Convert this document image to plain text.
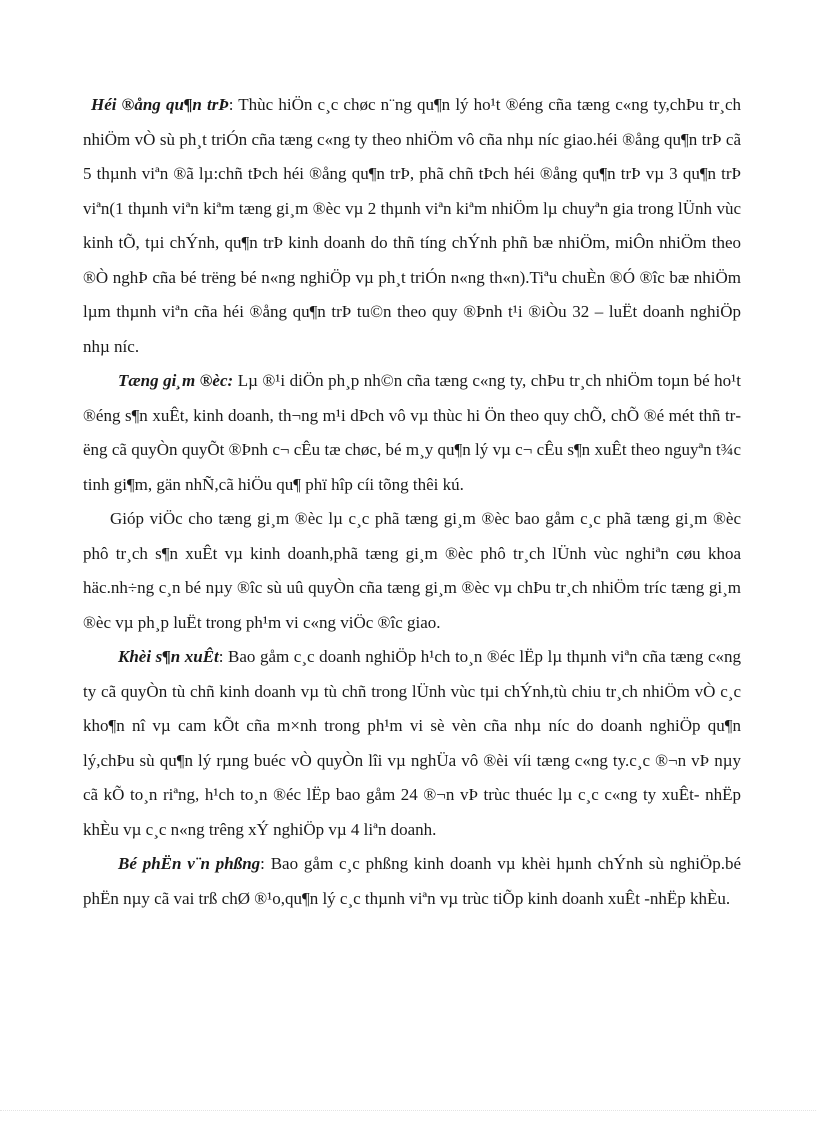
Héi ®ång qu¶n trÞ: Thùc hiÖn c¸c chøc n¨ng qu¶n lý ho¹t ®éng cña tæng c«ng ty,chÞu tr¸ch nhiÖm vÒ sù ph¸t triÓn cña tæng c«ng ty theo nhiÖm vô cña nhµ níc giao.héi ®ång qu¶n trÞ cã 5 thµnh viªn ®ã lµ:chñ tÞch héi ®ång qu¶n trÞ, phã chñ tÞch héi ®ång qu¶n trÞ vµ 3 qu¶n trÞ viªn(1 thµnh viªn kiªm tæng gi¸m ®èc vµ 2 thµnh viªn kiªm nhiÖm lµ chuyªn gia trong lÜnh vùc kinh tÕ, tµi chÝnh, qu¶n trÞ kinh doanh do thñ tíng chÝnh phñ bæ nhiÖm, miÔn nhiÖm theo ®Ò nghÞ cña bé trëng bé n«ng nghiÖp vµ ph¸t triÓn n«ng th«n).Tiªu chuÈn ®Ó ®îc bæ nhiÖm lµm thµnh viªn cña héi ®ång qu¶n trÞ tu©n theo quy ®Þnh t¹i ®iÒu 32 – luËt doanh nghiÖp nhµ níc.

Tæng gi¸m ®èc: Lµ ®¹i diÖn ph¸p nh©n cña tæng c«ng ty, chÞu tr¸ch nhiÖm toµn bé ho¹t ®éng s¶n xuÊt, kinh doanh, th¬ng m¹i dÞch vô vµ thùc hi Ön theo quy chÕ, chÕ ®é mét thñ trëng cã quyÒn quyÕt ®Þnh c¬ cÊu tæ chøc, bé m¸y qu¶n lý vµ c¬ cÊu s¶n xuÊt theo nguyªn t¾c tinh gi¶m, gän nhÑ,cã hiÖu qu¶ phï hîp cíi tõng thêi kú.

Gióp viÖc cho tæng gi¸m ®èc lµ c¸c phã tæng gi¸m ®èc bao gåm c¸c phã tæng gi¸m ®èc phô tr¸ch s¶n xuÊt vµ kinh doanh,phã tæng gi¸m ®èc phô tr¸ch lÜnh vùc nghiªn cøu khoa häc.nh÷ng c¸n bé nµy ®îc sù uû quyÒn cña tæng gi¸m ®èc vµ chÞu tr¸ch nhiÖm tríc tæng gi¸m ®èc vµ ph¸p luËt trong ph¹m vi c«ng viÖc ®îc giao.

Khèi s¶n xuÊt: Bao gåm c¸c doanh nghiÖp h¹ch to¸n ®éc lËp lµ thµnh viªn cña tæng c«ng ty cã quyÒn tù chñ kinh doanh vµ tù chñ trong lÜnh vùc tµi chÝnh,tù chiu tr¸ch nhiÖm vÒ c¸c kho¶n nî vµ cam kÕt cña m×nh trong ph¹m vi sè vèn cña nhµ níc do doanh nghiÖp qu¶n lý,chÞu sù qu¶n lý rµng buéc vÒ quyÒn lîi vµ nghÜa vô ®èi víi tæng c«ng ty.c¸c ®¬n vÞ nµy cã kÕ to¸n riªng, h¹ch to¸n ®éc lËp bao gåm 24 ®¬n vÞ trùc thuéc lµ c¸c c«ng ty xuÊt- nhËp khÈu vµ c¸c n«ng trêng xÝ nghiÖp vµ 4 liªn doanh.

Bé phËn v¨n phßng: Bao gåm c¸c phßng kinh doanh vµ khèi hµnh chÝnh sù nghiÖp.bé phËn nµy cã vai trß chØ ®¹o,qu¶n lý c¸c thµnh viªn vµ trùc tiÕp kinh doanh xuÊt -nhËp khÈu.
